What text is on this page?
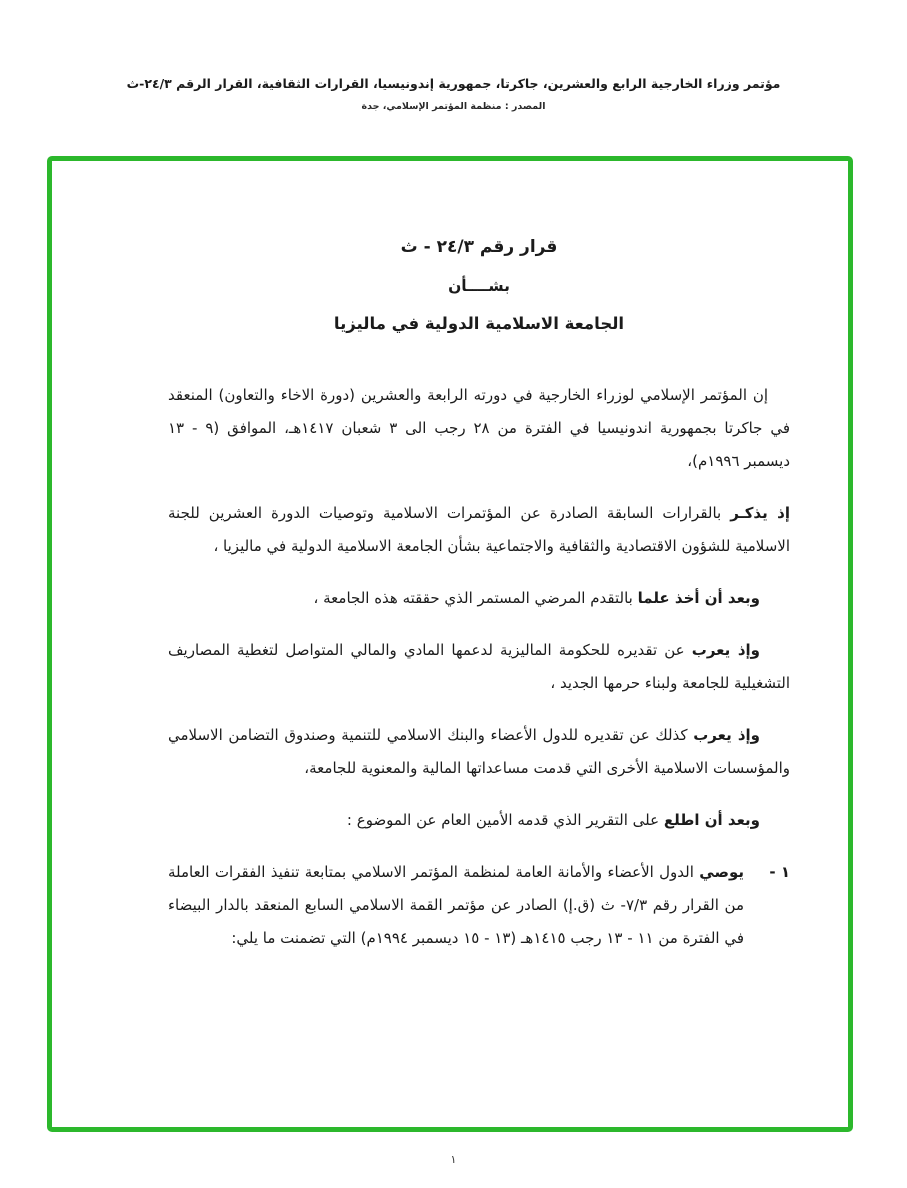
مؤتمر وزراء الخارجية الرابع والعشرين، جاكرتا، جمهورية إندونيسيا، القرارات الثقافية، القرار الرقم ٢٤/٣-ث
المصدر : منظمة المؤتمر الإسلامي، جدة
قرار رقم ٢٤/٣ - ث
بشــــأن
الجامعة الاسلامية الدولية في ماليزيا

إن المؤتمر الإسلامي لوزراء الخارجية في دورته الرابعة والعشرين (دورة الاخاء والتعاون) المنعقد في جاكرتا بجمهورية اندونيسيا في الفترة من ٢٨ رجب الى ٣ شعبان ١٤١٧هـ، الموافق (٩ - ١٣ ديسمبر ١٩٩٦م)،

إذ يذكـر بالقرارات السابقة الصادرة عن المؤتمرات الاسلامية وتوصيات الدورة العشرين للجنة الاسلامية للشؤون الاقتصادية والثقافية والاجتماعية بشأن الجامعة الاسلامية الدولية في ماليزيا ،

وبعد أن أخذ علما بالتقدم المرضي المستمر الذي حققته هذه الجامعة ،

وإذ يعرب عن تقديره للحكومة الماليزية لدعمها المادي والمالي المتواصل لتغطية المصاريف التشغيلية للجامعة ولبناء حرمها الجديد ،

وإذ يعرب كذلك عن تقديره للدول الأعضاء والبنك الاسلامي للتنمية وصندوق التضامن الاسلامي والمؤسسات الاسلامية الأخرى التي قدمت مساعداتها المالية والمعنوية للجامعة،

وبعد أن اطلع على التقرير الذي قدمه الأمين العام عن الموضوع :

١ -
يوصي الدول الأعضاء والأمانة العامة لمنظمة المؤتمر الاسلامي بمتابعة تنفيذ الفقرات العاملة من القرار رقم ٧/٣- ث (ق.إ) الصادر عن مؤتمر القمة الاسلامي السابع المنعقد بالدار البيضاء في الفترة من ١١ - ١٣ رجب ١٤١٥هـ (١٣ - ١٥ ديسمبر ١٩٩٤م) التي تضمنت ما يلي:
١
